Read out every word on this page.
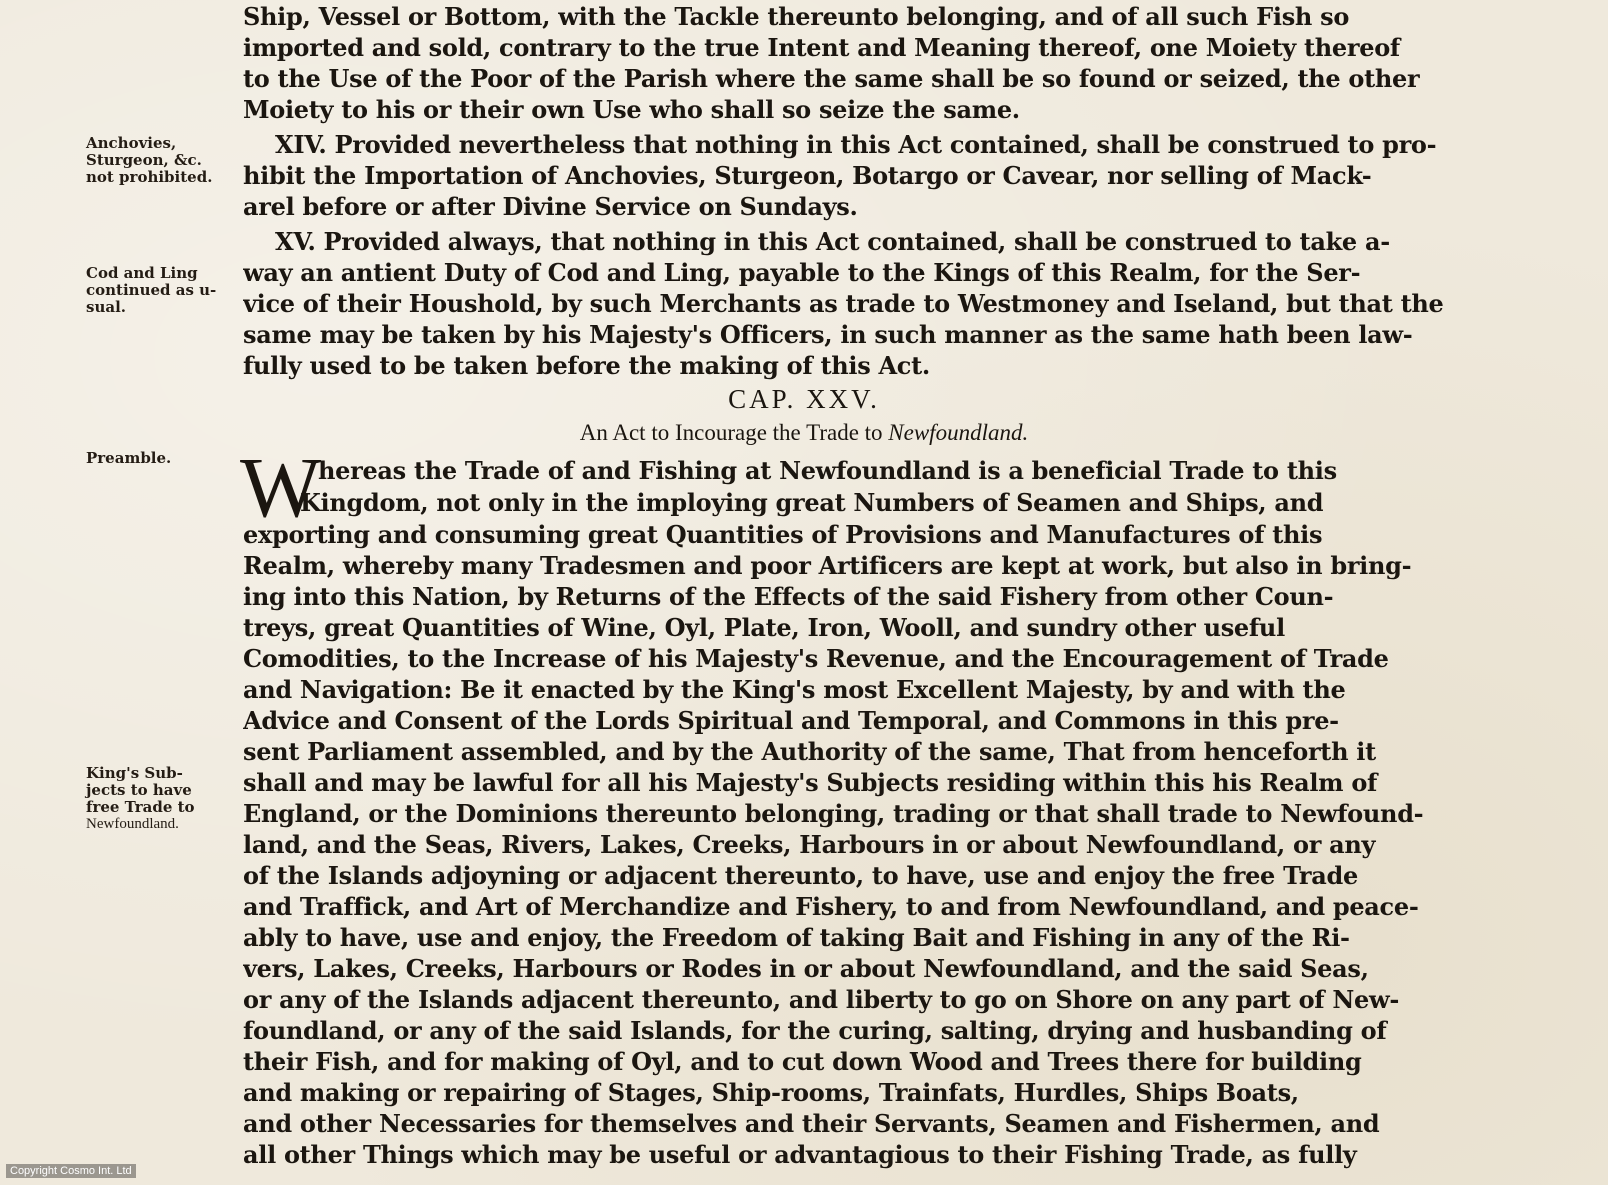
Anchovies,
Sturgeon, &c.
not prohibited.
Cod and Ling
continued as u-
sual.
Preamble.
King's Sub-
jects to have
free Trade to
Newfoundland.
Ship, Vessel or Bottom, with the Tackle thereunto belonging, and of all such Fish so
imported and sold, contrary to the true Intent and Meaning thereof, one Moiety thereof
to the Use of the Poor of the Parish where the same shall be so found or seized, the other
Moiety to his or their own Use who shall so seize the same.
XIV. Provided nevertheless that nothing in this Act contained, shall be construed to pro-
hibit the Importation of Anchovies, Sturgeon, Botargo or Cavear, nor selling of Mack-
arel before or after Divine Service on Sundays.
XV. Provided always, that nothing in this Act contained, shall be construed to take a-
way an antient Duty of Cod and Ling, payable to the Kings of this Realm, for the Ser-
vice of their Houshold, by such Merchants as trade to Westmoney and Iseland, but that the
same may be taken by his Majesty's Officers, in such manner as the same hath been law-
fully used to be taken before the making of this Act.
CAP. XXV.
An Act to Incourage the Trade to Newfoundland.
W
hereas the Trade of and Fishing at Newfoundland is a beneficial Trade to this
Kingdom, not only in the imploying great Numbers of Seamen and Ships, and
exporting and consuming great Quantities of Provisions and Manufactures of this
Realm, whereby many Tradesmen and poor Artificers are kept at work, but also in bring-
ing into this Nation, by Returns of the Effects of the said Fishery from other Coun-
treys, great Quantities of Wine, Oyl, Plate, Iron, Wooll, and sundry other useful
Comodities, to the Increase of his Majesty's Revenue, and the Encouragement of Trade
and Navigation: Be it enacted by the King's most Excellent Majesty, by and with the
Advice and Consent of the Lords Spiritual and Temporal, and Commons in this pre-
sent Parliament assembled, and by the Authority of the same, That from henceforth it
shall and may be lawful for all his Majesty's Subjects residing within this his Realm of
England, or the Dominions thereunto belonging, trading or that shall trade to Newfound-
land, and the Seas, Rivers, Lakes, Creeks, Harbours in or about Newfoundland, or any
of the Islands adjoyning or adjacent thereunto, to have, use and enjoy the free Trade
and Traffick, and Art of Merchandize and Fishery, to and from Newfoundland, and peace-
ably to have, use and enjoy, the Freedom of taking Bait and Fishing in any of the Ri-
vers, Lakes, Creeks, Harbours or Rodes in or about Newfoundland, and the said Seas,
or any of the Islands adjacent thereunto, and liberty to go on Shore on any part of New-
foundland, or any of the said Islands, for the curing, salting, drying and husbanding of
their Fish, and for making of Oyl, and to cut down Wood and Trees there for building
and making or repairing of Stages, Ship-rooms, Trainfats, Hurdles, Ships Boats,
and other Necessaries for themselves and their Servants, Seamen and Fishermen, and
all other Things which may be useful or advantagious to their Fishing Trade, as fully
Copyright Cosmo Int. Ltd
